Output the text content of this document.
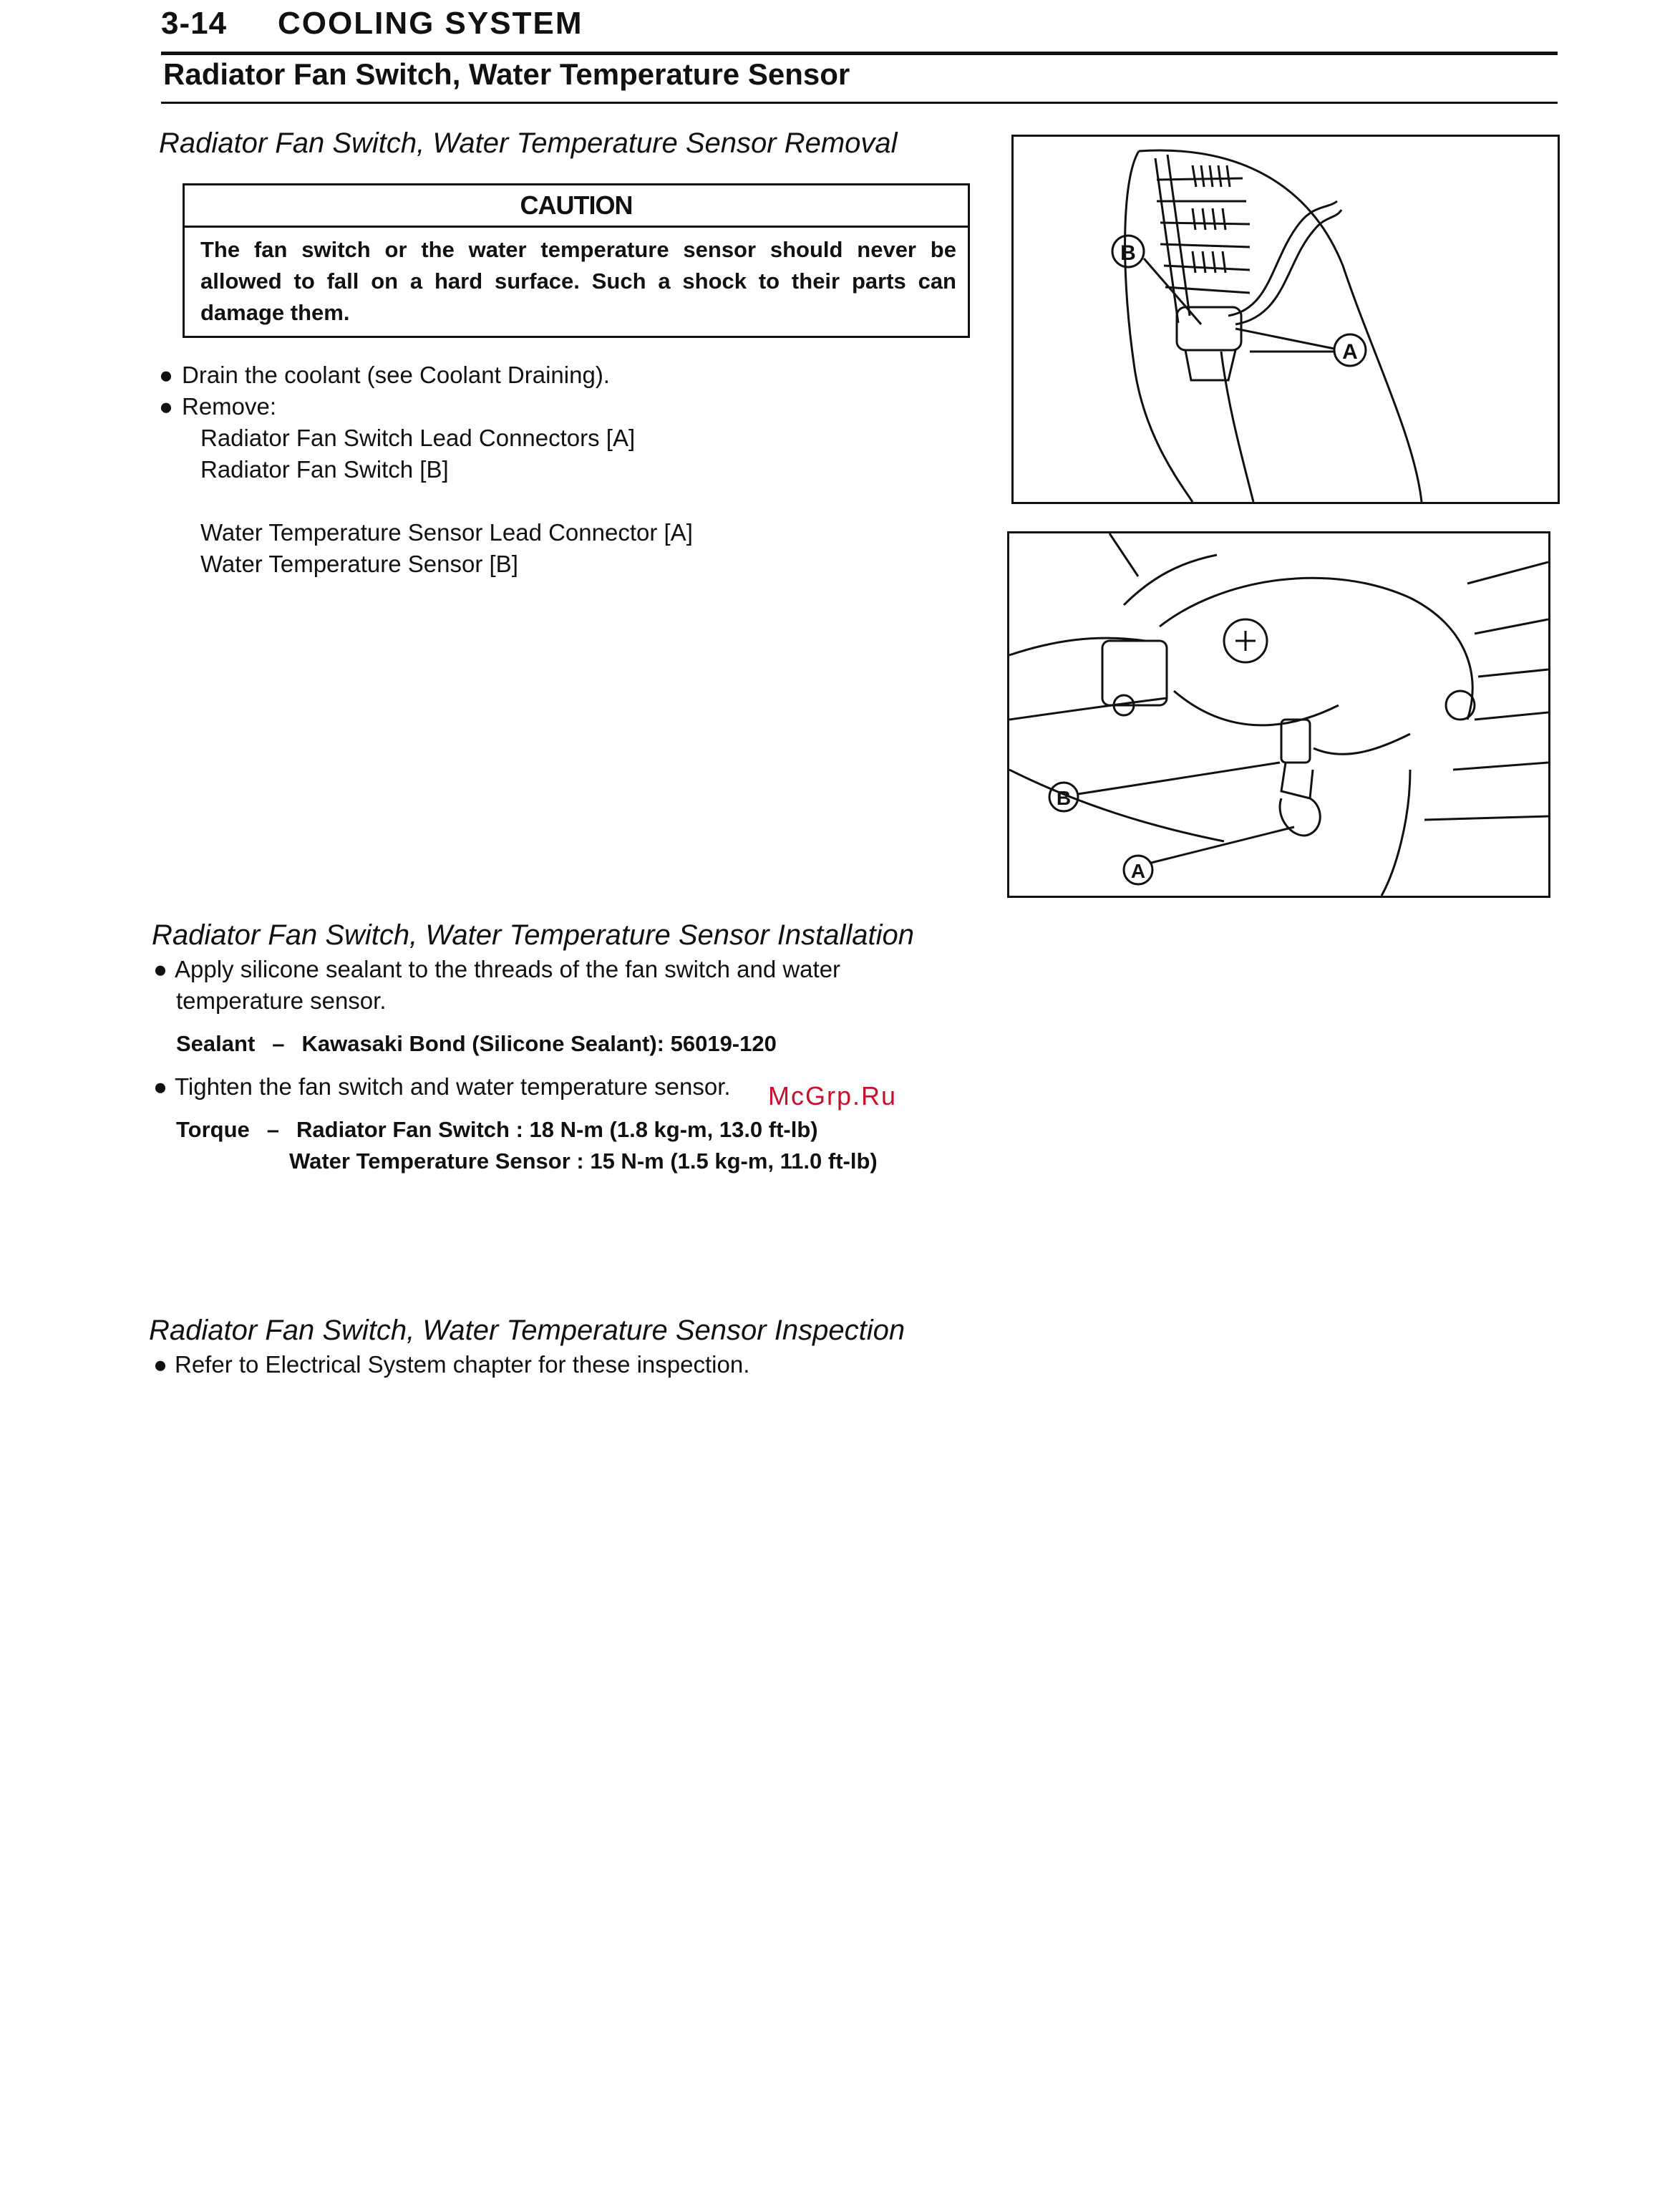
3-14 COOLING SYSTEM
Radiator Fan Switch, Water Temperature Sensor
Radiator Fan Switch, Water Temperature Sensor Removal
CAUTION
The fan switch or the water temperature sensor should never be allowed to fall on a hard surface. Such a shock to their parts can damage them.
● Drain the coolant (see Coolant Draining).
● Remove:
Radiator Fan Switch Lead Connectors [A]
Radiator Fan Switch [B]
Water Temperature Sensor Lead Connector [A]
Water Temperature Sensor [B]
B
A
B
A
Radiator Fan Switch, Water Temperature Sensor Installation
● Apply silicone sealant to the threads of the fan switch and water
temperature sensor.
Sealant – Kawasaki Bond (Silicone Sealant): 56019-120
● Tighten the fan switch and water temperature sensor.
Torque – Radiator Fan Switch : 18 N-m (1.8 kg-m, 13.0 ft-lb)
Water Temperature Sensor : 15 N-m (1.5 kg-m, 11.0 ft-lb)
McGrp.Ru
Radiator Fan Switch, Water Temperature Sensor Inspection
● Refer to Electrical System chapter for these inspection.
